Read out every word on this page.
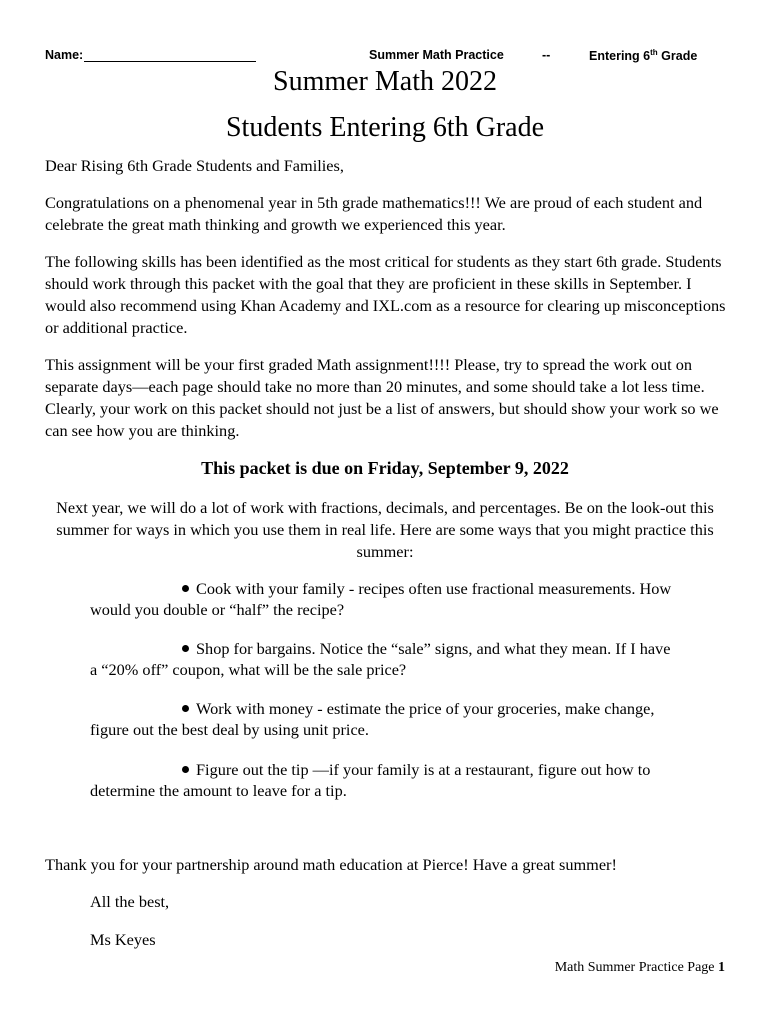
Name:	Summer Math Practice	--	Entering 6th Grade
Summer Math 2022
Students Entering 6th Grade

Dear Rising 6th Grade Students and Families,

Congratulations on a phenomenal year in 5th grade mathematics!!! We are proud of each student and celebrate the great math thinking and growth we experienced this year.

The following skills has been identified as the most critical for students as they start 6th grade. Students should work through this packet with the goal that they are proficient in these skills in September. I would also recommend using Khan Academy and IXL.com as a resource for clearing up misconceptions or additional practice.

This assignment will be your first graded Math assignment!!!! Please, try to spread the work out on separate days—each page should take no more than 20 minutes, and some should take a lot less time. Clearly, your work on this packet should not just be a list of answers, but should show your work so we can see how you are thinking.

This packet is due on Friday, September 9, 2022

Next year, we will do a lot of work with fractions, decimals, and percentages. Be on the look-out this summer for ways in which you use them in real life. Here are some ways that you might practice this summer:

Cook with your family - recipes often use fractional measurements. How
would you double or “half” the recipe?
Shop for bargains. Notice the “sale” signs, and what they mean. If I have
a “20% off” coupon, what will be the sale price?
Work with money - estimate the price of your groceries, make change,
figure out the best deal by using unit price.
Figure out the tip —if your family is at a restaurant, figure out how to
determine the amount to leave for a tip.

Thank you for your partnership around math education at Pierce! Have a great summer!

All the best,

Ms Keyes

Math Summer Practice Page 1
